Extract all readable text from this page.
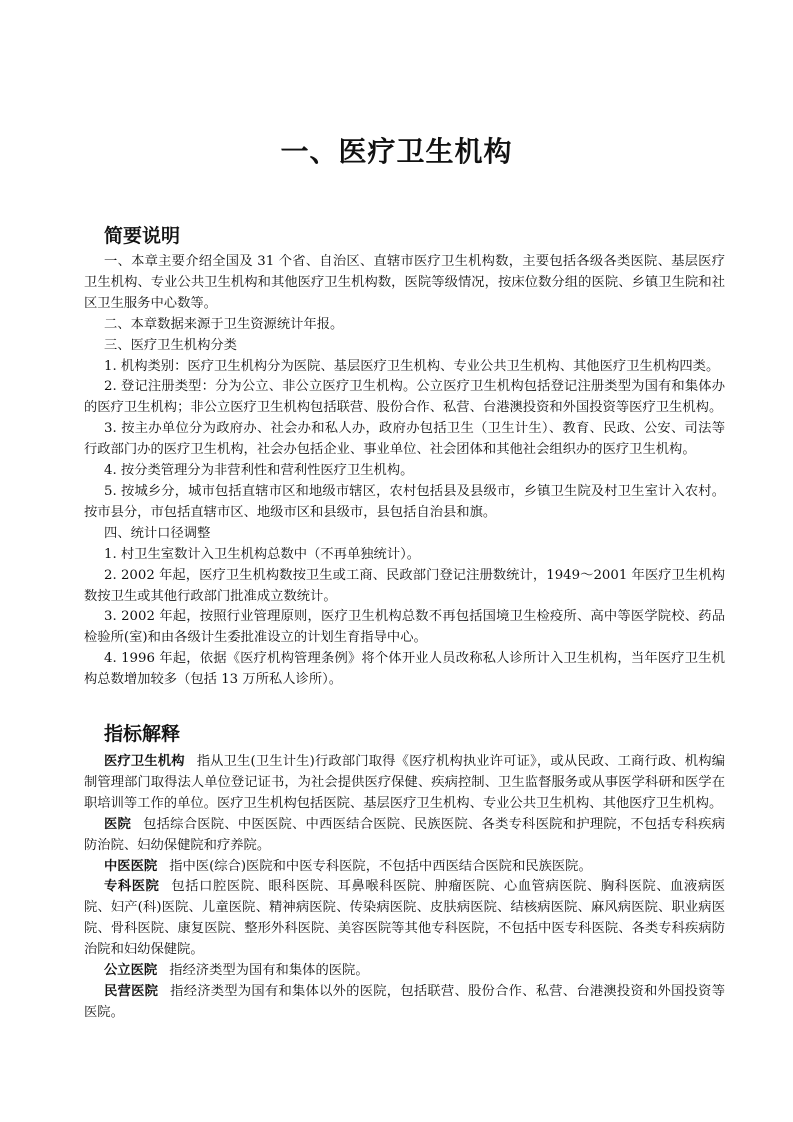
一、医疗卫生机构
简要说明

一、本章主要介绍全国及 31 个省、自治区、直辖市医疗卫生机构数，主要包括各级各类医院、基层医疗卫生机构、专业公共卫生机构和其他医疗卫生机构数，医院等级情况，按床位数分组的医院、乡镇卫生院和社区卫生服务中心数等。

二、本章数据来源于卫生资源统计年报。

三、医疗卫生机构分类

1. 机构类别：医疗卫生机构分为医院、基层医疗卫生机构、专业公共卫生机构、其他医疗卫生机构四类。

2. 登记注册类型：分为公立、非公立医疗卫生机构。公立医疗卫生机构包括登记注册类型为国有和集体办的医疗卫生机构；非公立医疗卫生机构包括联营、股份合作、私营、台港澳投资和外国投资等医疗卫生机构。

3. 按主办单位分为政府办、社会办和私人办，政府办包括卫生（卫生计生）、教育、民政、公安、司法等行政部门办的医疗卫生机构，社会办包括企业、事业单位、社会团体和其他社会组织办的医疗卫生机构。

4. 按分类管理分为非营利性和营利性医疗卫生机构。

5. 按城乡分，城市包括直辖市区和地级市辖区，农村包括县及县级市，乡镇卫生院及村卫生室计入农村。按市县分，市包括直辖市区、地级市区和县级市，县包括自治县和旗。

四、统计口径调整

1. 村卫生室数计入卫生机构总数中（不再单独统计）。

2. 2002 年起，医疗卫生机构数按卫生或工商、民政部门登记注册数统计，1949～2001 年医疗卫生机构数按卫生或其他行政部门批准成立数统计。

3. 2002 年起，按照行业管理原则，医疗卫生机构总数不再包括国境卫生检疫所、高中等医学院校、药品检验所(室)和由各级计生委批准设立的计划生育指导中心。

4. 1996 年起，依据《医疗机构管理条例》将个体开业人员改称私人诊所计入卫生机构，当年医疗卫生机构总数增加较多（包括 13 万所私人诊所）。

指标解释

医疗卫生机构 指从卫生(卫生计生)行政部门取得《医疗机构执业许可证》，或从民政、工商行政、机构编制管理部门取得法人单位登记证书，为社会提供医疗保健、疾病控制、卫生监督服务或从事医学科研和医学在职培训等工作的单位。医疗卫生机构包括医院、基层医疗卫生机构、专业公共卫生机构、其他医疗卫生机构。

医院 包括综合医院、中医医院、中西医结合医院、民族医院、各类专科医院和护理院，不包括专科疾病防治院、妇幼保健院和疗养院。

中医医院 指中医(综合)医院和中医专科医院，不包括中西医结合医院和民族医院。

专科医院 包括口腔医院、眼科医院、耳鼻喉科医院、肿瘤医院、心血管病医院、胸科医院、血液病医院、妇产(科)医院、儿童医院、精神病医院、传染病医院、皮肤病医院、结核病医院、麻风病医院、职业病医院、骨科医院、康复医院、整形外科医院、美容医院等其他专科医院，不包括中医专科医院、各类专科疾病防治院和妇幼保健院。

公立医院 指经济类型为国有和集体的医院。

民营医院 指经济类型为国有和集体以外的医院，包括联营、股份合作、私营、台港澳投资和外国投资等医院。
